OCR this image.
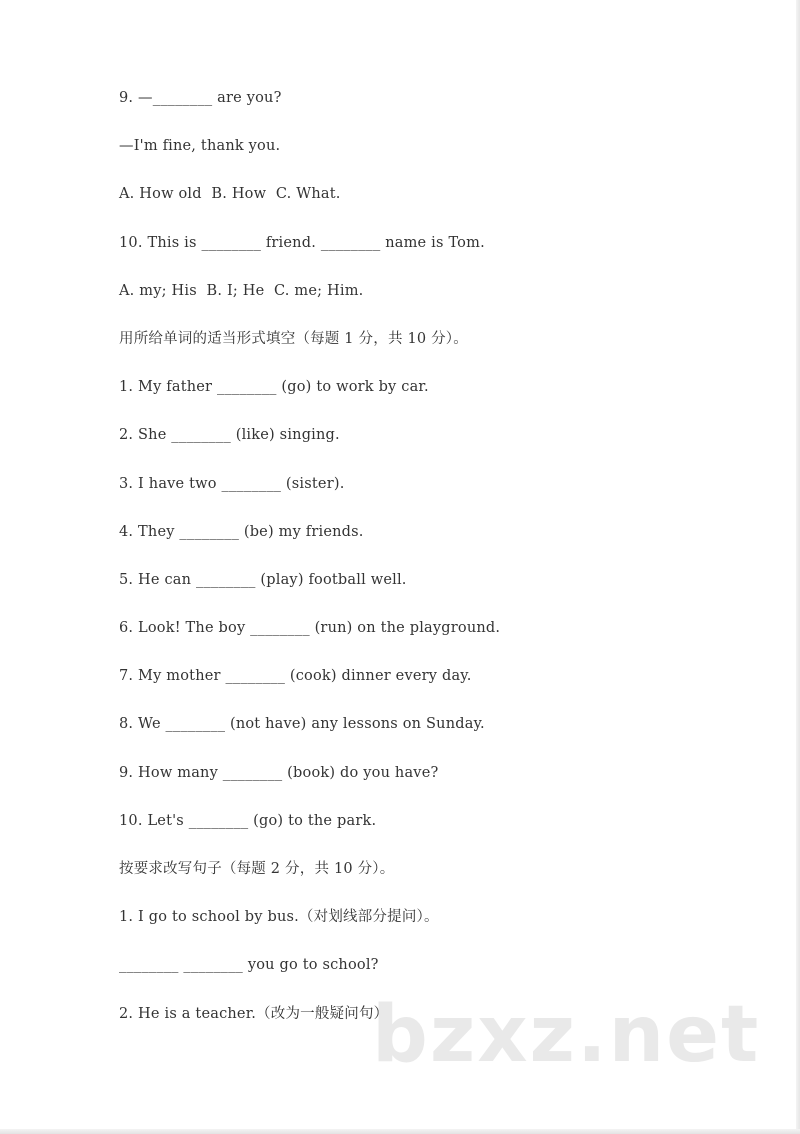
9. —________ are you?
—I'm fine, thank you.
A. How old  B. How  C. What.
10. This is ________ friend. ________ name is Tom.
A. my; His  B. I; He  C. me; Him.
用所给单词的适当形式填空（每题 1 分，共 10 分）。
1. My father ________ (go) to work by car.
2. She ________ (like) singing.
3. I have two ________ (sister).
4. They ________ (be) my friends.
5. He can ________ (play) football well.
6. Look! The boy ________ (run) on the playground.
7. My mother ________ (cook) dinner every day.
8. We ________ (not have) any lessons on Sunday.
9. How many ________ (book) do you have?
10. Let's ________ (go) to the park.
按要求改写句子（每题 2 分，共 10 分）。
1. I go to school by bus.（对划线部分提问）。
________ ________ you go to school?
2. He is a teacher.（改为一般疑问句）。
bzxz.net
